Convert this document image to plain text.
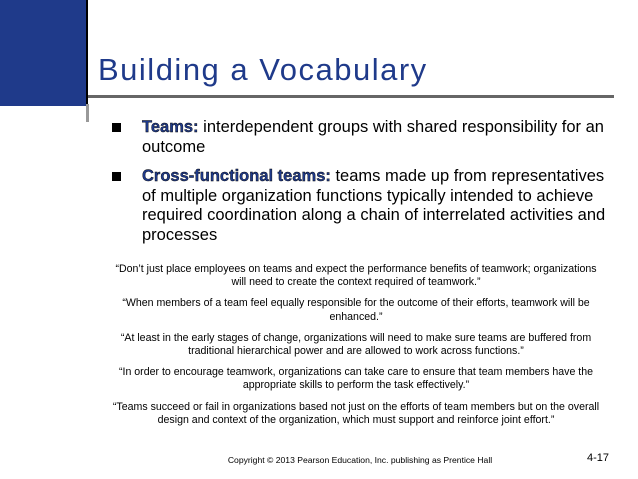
Building a Vocabulary
Teams: interdependent groups with shared responsibility for an outcome
Cross-functional teams: teams made up from representatives of multiple organization functions typically intended to achieve required coordination along a chain of interrelated activities and processes

“Don’t just place employees on teams and expect the performance benefits of teamwork; organizations will need to create the context required of teamwork.”

“When members of a team feel equally responsible for the outcome of their efforts, teamwork will be enhanced.”

“At least in the early stages of change, organizations will need to make sure teams are buffered from traditional hierarchical power and are allowed to work across functions.”

“In order to encourage teamwork, organizations can take care to ensure that team members have the appropriate skills to perform the task effectively.”

“Teams succeed or fail in organizations based not just on the efforts of team members but on the overall design and context of the organization, which must support and reinforce joint effort.”

Copyright © 2013 Pearson Education, Inc. publishing as Prentice Hall	4-17
